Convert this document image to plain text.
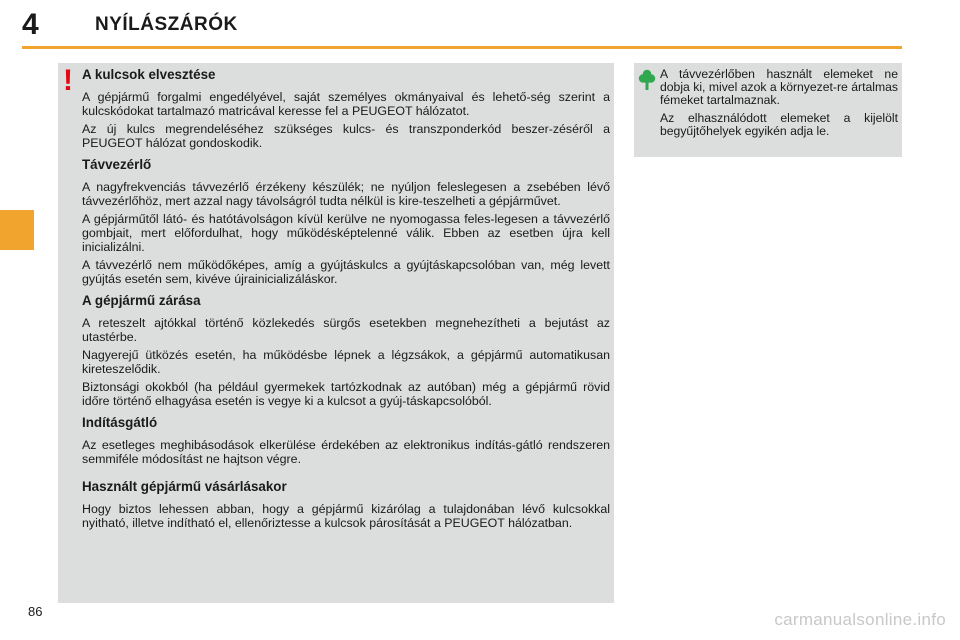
4	NYÍLÁSZÁRÓK
! A kulcsok elvesztése

A gépjármű forgalmi engedélyével, saját személyes okmányaival és lehető-ség szerint a kulcskódokat tartalmazó matricával keresse fel a PEUGEOT hálózatot.

Az új kulcs megrendeléséhez szükséges kulcs- és transzponderkód beszer-zéséről a PEUGEOT hálózat gondoskodik.

Távvezérlő

A nagyfrekvenciás távvezérlő érzékeny készülék; ne nyúljon feleslegesen a zsebében lévő távvezérlőhöz, mert azzal nagy távolságról tudta nélkül is kire-teszelheti a gépjárművet.

A gépjárműtől látó- és hatótávolságon kívül kerülve ne nyomogassa feles-legesen a távvezérlő gombjait, mert előfordulhat, hogy működésképtelenné válik. Ebben az esetben újra kell inicializálni.

A távvezérlő nem működőképes, amíg a gyújtáskulcs a gyújtáskapcsolóban van, még levett gyújtás esetén sem, kivéve újrainicializáláskor.

A gépjármű zárása

A reteszelt ajtókkal történő közlekedés sürgős esetekben megnehezítheti a bejutást az utastérbe.

Nagyerejű ütközés esetén, ha működésbe lépnek a légzsákok, a gépjármű automatikusan kireteszelődik.

Biztonsági okokból (ha például gyermekek tartózkodnak az autóban) még a gépjármű rövid időre történő elhagyása esetén is vegye ki a kulcsot a gyúj-táskapcsolóból.

Indításgátló

Az esetleges meghibásodások elkerülése érdekében az elektronikus indítás-gátló rendszeren semmiféle módosítást ne hajtson végre.

Használt gépjármű vásárlásakor

Hogy biztos lehessen abban, hogy a gépjármű kizárólag a tulajdonában lévő kulcsokkal nyitható, illetve indítható el, ellenőriztesse a kulcsok párosítását a PEUGEOT hálózatban.

A távvezérlőben használt elemeket ne dobja ki, mivel azok a környezet-re ártalmas fémeket tartalmaznak.

Az elhasználódott elemeket a kijelölt begyűjtőhelyek egyikén adja le.

86	carmanualsonline.info
